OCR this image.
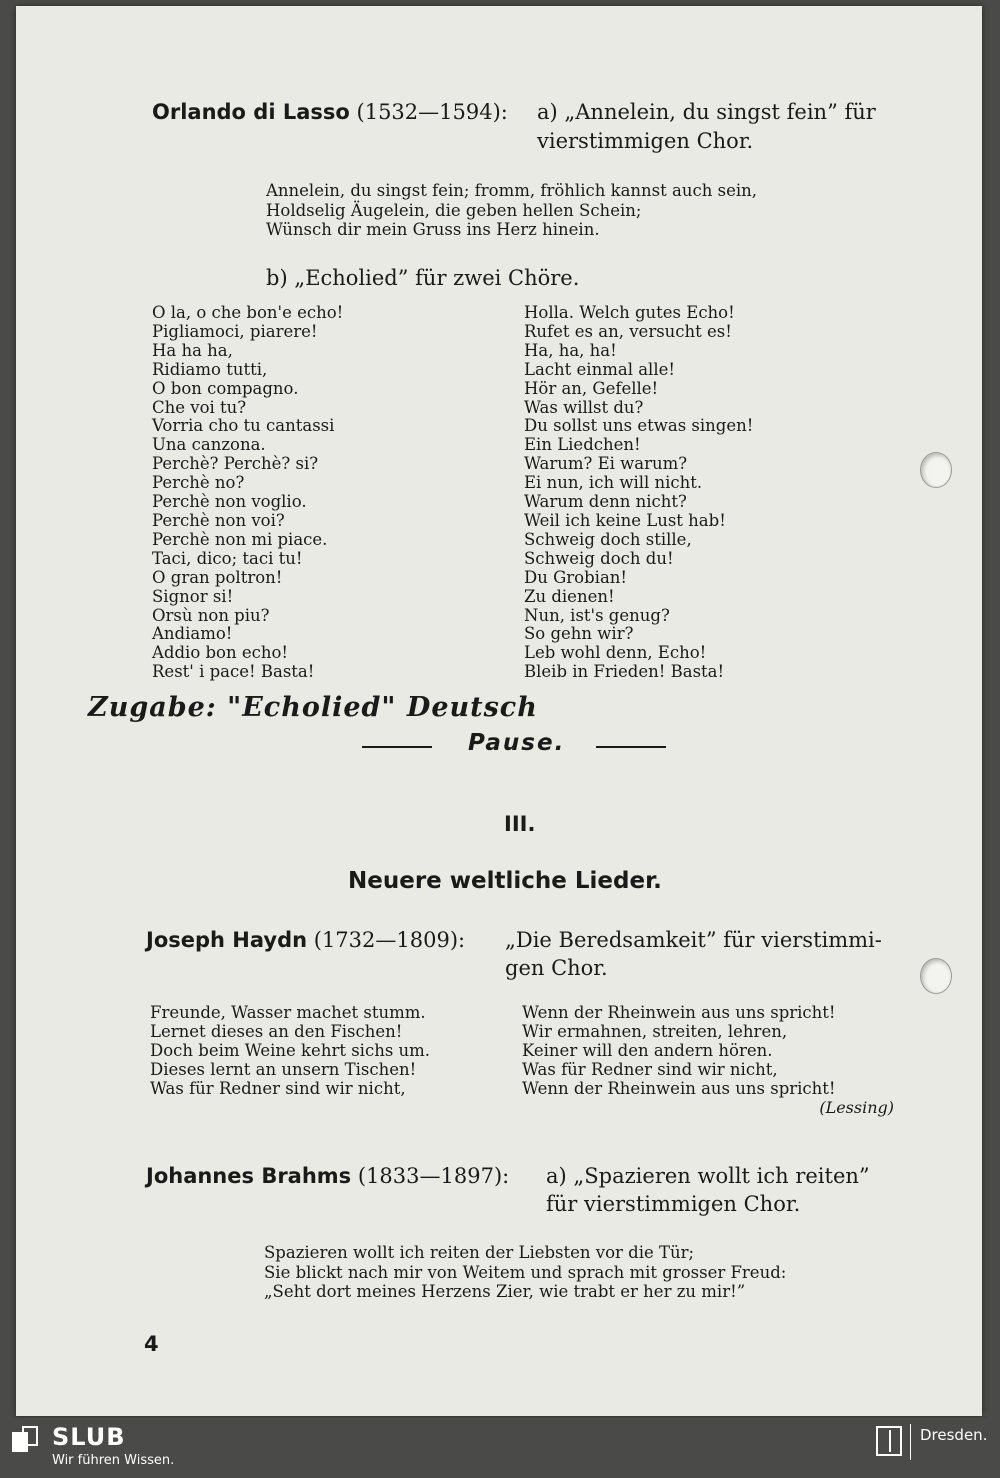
Orlando di Lasso (1532—1594): a) „Annelein, du singst fein” für

vierstimmigen Chor.

Annelein, du singst fein; fromm, fröhlich kannst auch sein,
Holdselig Äugelein, die geben hellen Schein;
Wünsch dir mein Gruss ins Herz hinein.

b) „Echolied” für zwei Chöre.

O la, o che bon'e echo!
Pigliamoci, piarere!
Ha ha ha,
Ridiamo tutti,
O bon compagno.
Che voi tu?
Vorria cho tu cantassi
Una canzona.
Perchè? Perchè? si?
Perchè no?
Perchè non voglio.
Perchè non voi?
Perchè non mi piace.
Taci, dico; taci tu!
O gran poltron!
Signor si!
Orsù non piu?
Andiamo!
Addio bon echo!
Rest' i pace! Basta!
Holla. Welch gutes Echo!
Rufet es an, versucht es!
Ha, ha, ha!
Lacht einmal alle!
Hör an, Gefelle!
Was willst du?
Du sollst uns etwas singen!
Ein Liedchen!
Warum? Ei warum?
Ei nun, ich will nicht.
Warum denn nicht?
Weil ich keine Lust hab!
Schweig doch stille,
Schweig doch du!
Du Grobian!
Zu dienen!
Nun, ist's genug?
So gehn wir?
Leb wohl denn, Echo!
Bleib in Frieden! Basta!

Zugabe: "Echolied" Deutsch

Pause.

III.

Neuere weltliche Lieder.

Joseph Haydn (1732—1809): „Die Beredsamkeit” für vierstimmi-

gen Chor.

Freunde, Wasser machet stumm.
Lernet dieses an den Fischen!
Doch beim Weine kehrt sichs um.
Dieses lernt an unsern Tischen!
Was für Redner sind wir nicht,
Wenn der Rheinwein aus uns spricht!
Wir ermahnen, streiten, lehren,
Keiner will den andern hören.
Was für Redner sind wir nicht,
Wenn der Rheinwein aus uns spricht!

(Lessing)

Johannes Brahms (1833—1897): a) „Spazieren wollt ich reiten”

für vierstimmigen Chor.

Spazieren wollt ich reiten der Liebsten vor die Tür;
Sie blickt nach mir von Weitem und sprach mit grosser Freud:
„Seht dort meines Herzens Zier, wie trabt er her zu mir!”

4

SLUB
Wir führen Wissen.
Dresden.
